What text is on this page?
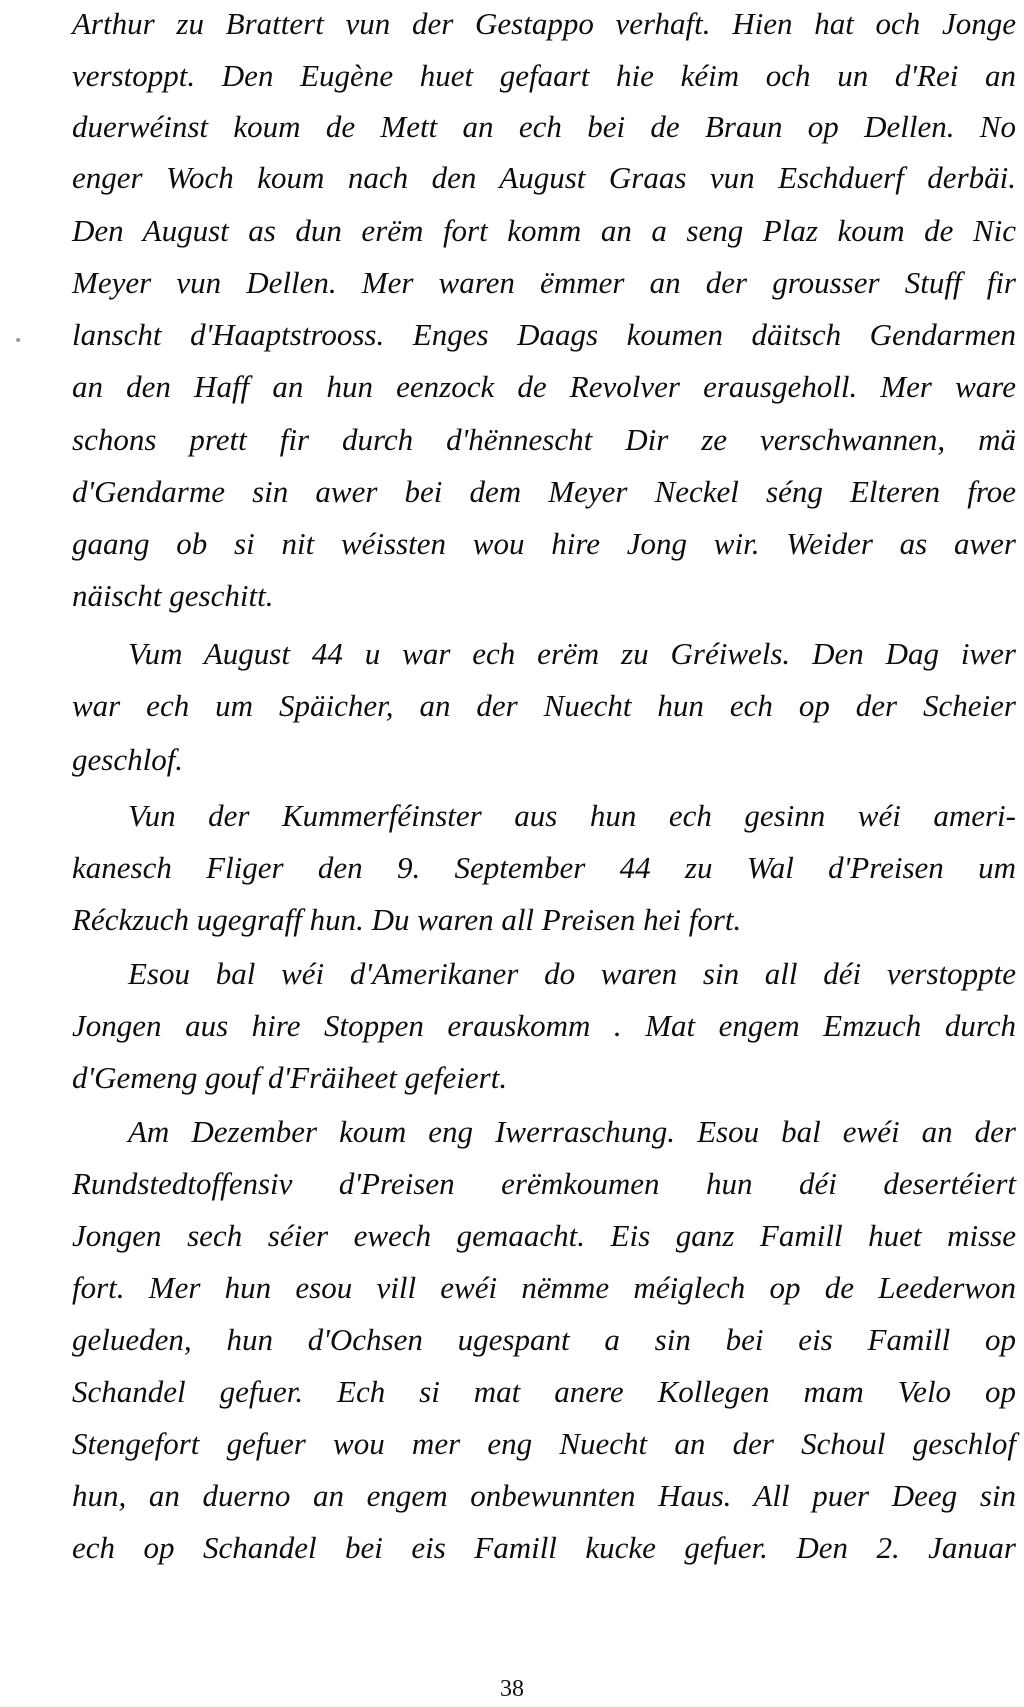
Arthur zu Brattert vun der Gestappo verhaft. Hien hat och Jonge

verstoppt. Den Eugène huet gefaart hie kéim och un d'Rei an

duerwéinst koum de Mett an ech bei de Braun op Dellen. No

enger Woch koum nach den August Graas vun Eschduerf derbäi.

Den August as dun erëm fort komm an a seng Plaz koum de Nic

Meyer vun Dellen. Mer waren ëmmer an der grousser Stuff fir

lanscht d'Haaptstrooss. Enges Daags koumen däitsch Gendarmen

an den Haff an hun eenzock de Revolver erausgeholl. Mer ware

schons prett fir durch d'hënnescht Dir ze verschwannen, mä

d'Gendarme sin awer bei dem Meyer Neckel séng Elteren froe

gaang ob si nit wéissten wou hire Jong wir. Weider as awer

näischt geschitt.

Vum August 44 u war ech erëm zu Gréiwels. Den Dag iwer

war ech um Späicher, an der Nuecht hun ech op der Scheier

geschlof.

Vun der Kummerféinster aus hun ech gesinn wéi ameri-

kanesch Fliger den 9. September 44 zu Wal d'Preisen um

Réckzuch ugegraff hun. Du waren all Preisen hei fort.

Esou bal wéi d'Amerikaner do waren sin all déi verstoppte

Jongen aus hire Stoppen erauskomm . Mat engem Emzuch durch

d'Gemeng gouf d'Fräiheet gefeiert.

Am Dezember koum eng Iwerraschung. Esou bal ewéi an der

Rundstedtoffensiv d'Preisen erëmkoumen hun déi desertéiert

Jongen sech séier ewech gemaacht. Eis ganz Famill huet misse

fort. Mer hun esou vill ewéi nëmme méiglech op de Leederwon

gelueden, hun d'Ochsen ugespant a sin bei eis Famill op

Schandel gefuer. Ech si mat anere Kollegen mam Velo op

Stengefort gefuer wou mer eng Nuecht an der Schoul geschlof

hun, an duerno an engem onbewunnten Haus. All puer Deeg sin

ech op Schandel bei eis Famill kucke gefuer. Den 2. Januar

38
•
